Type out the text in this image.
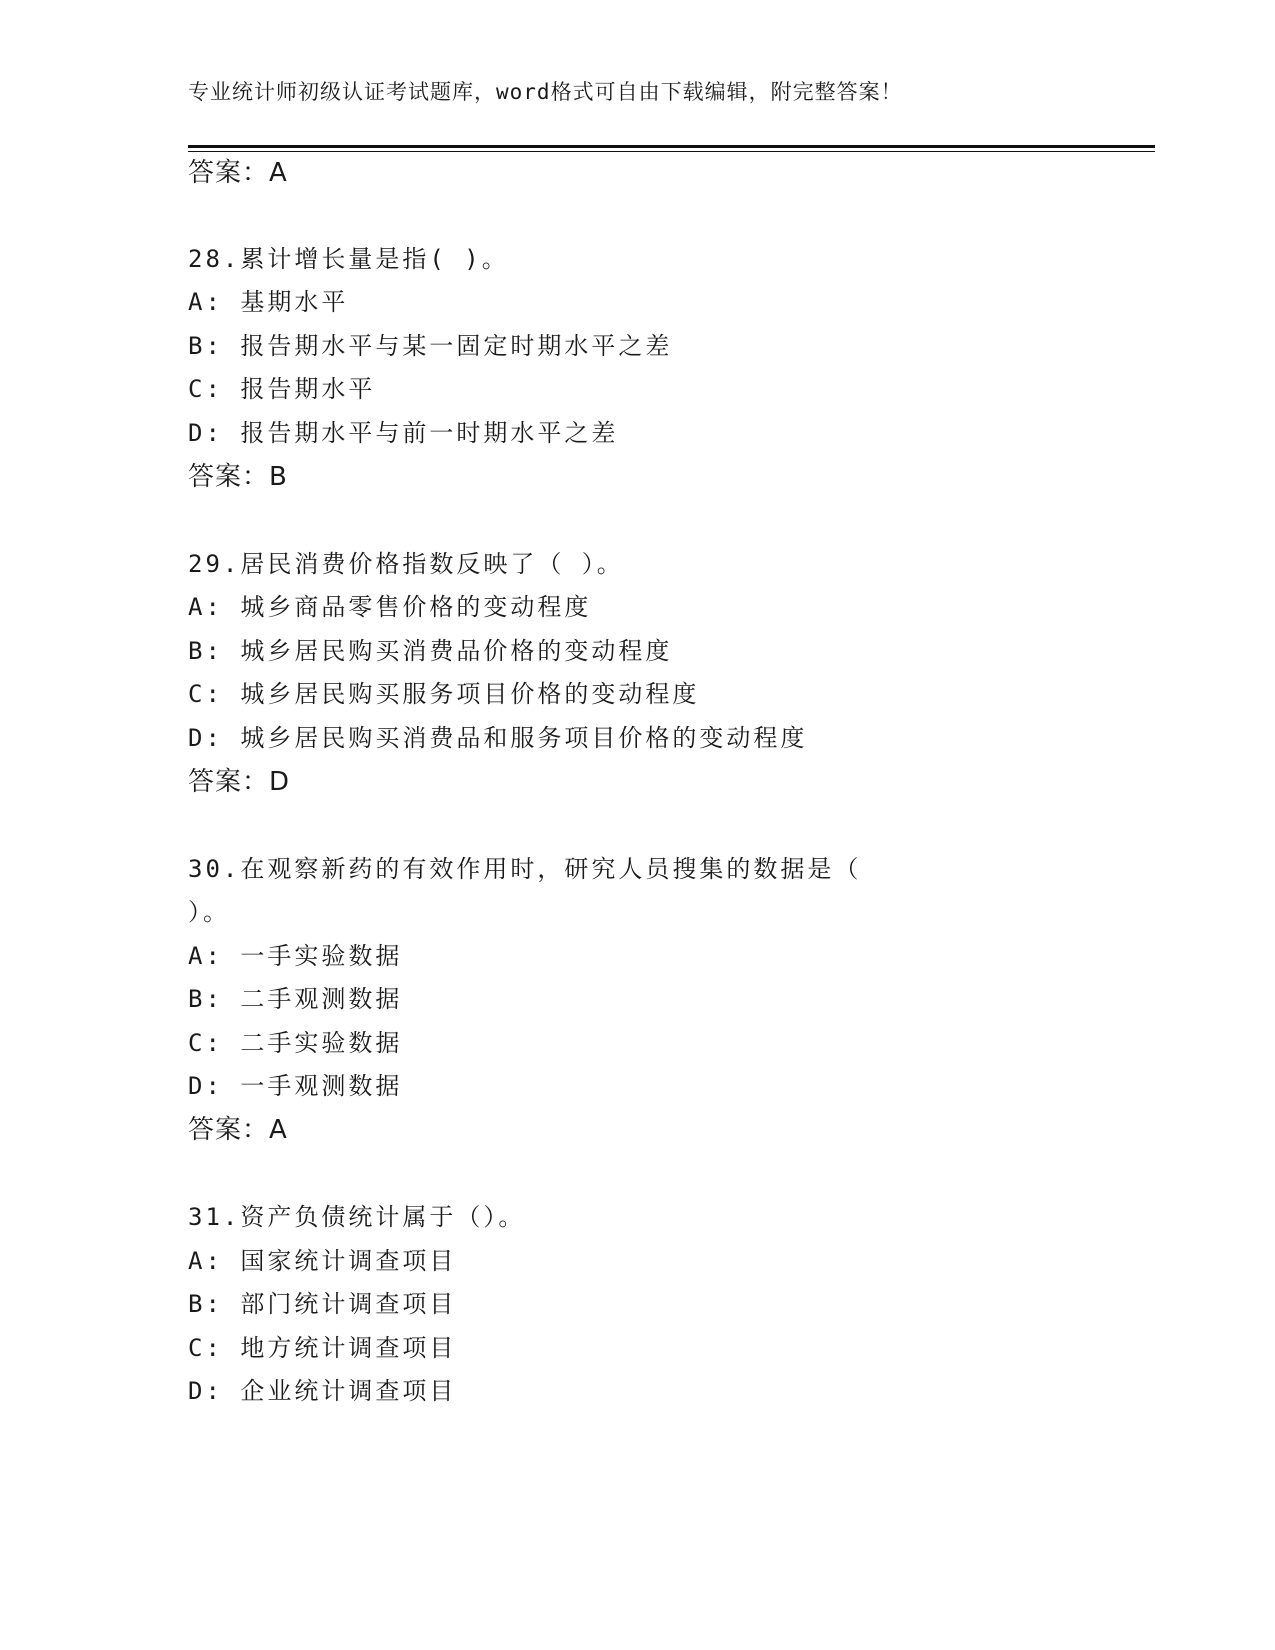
专业统计师初级认证考试题库，word格式可自由下载编辑，附完整答案！
答案：A
28.累计增长量是指( )。
A: 基期水平
B: 报告期水平与某一固定时期水平之差
C: 报告期水平
D: 报告期水平与前一时期水平之差
答案：B
29.居民消费价格指数反映了（ ）。
A: 城乡商品零售价格的变动程度
B: 城乡居民购买消费品价格的变动程度
C: 城乡居民购买服务项目价格的变动程度
D: 城乡居民购买消费品和服务项目价格的变动程度
答案：D
30.在观察新药的有效作用时，研究人员搜集的数据是（
）。
A: 一手实验数据
B: 二手观测数据
C: 二手实验数据
D: 一手观测数据
答案：A
31.资产负债统计属于（）。
A: 国家统计调查项目
B: 部门统计调查项目
C: 地方统计调查项目
D: 企业统计调查项目
